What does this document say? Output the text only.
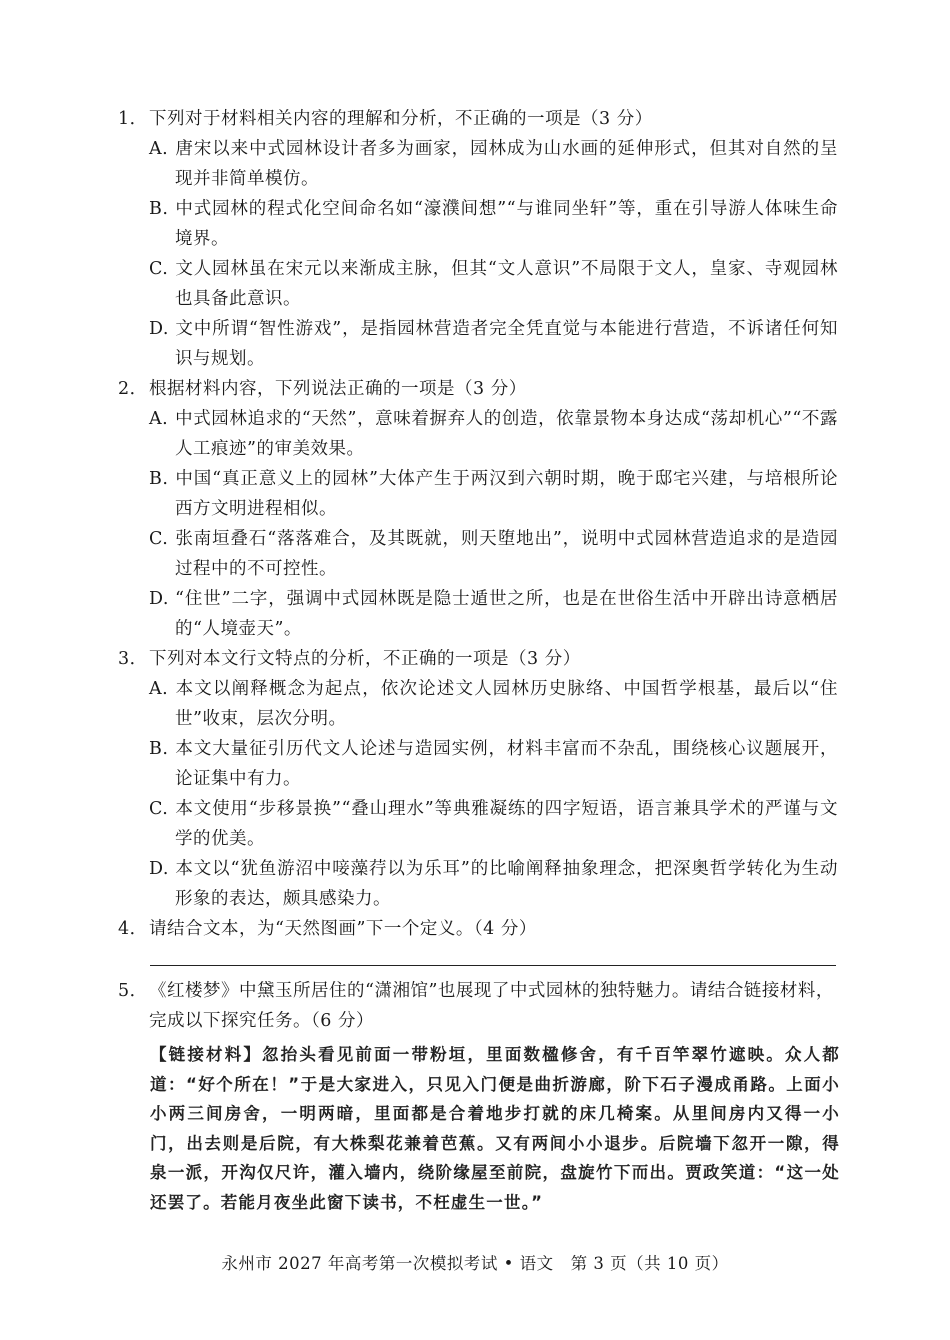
1． 下列对于材料相关内容的理解和分析，不正确的一项是（3 分）
A. 唐宋以来中式园林设计者多为画家，园林成为山水画的延伸形式，但其对自然的呈现并非简单模仿。
B. 中式园林的程式化空间命名如“濠濮间想”“与谁同坐轩”等，重在引导游人体味生命境界。
C. 文人园林虽在宋元以来渐成主脉，但其“文人意识”不局限于文人，皇家、寺观园林也具备此意识。
D. 文中所谓“智性游戏”，是指园林营造者完全凭直觉与本能进行营造，不诉诸任何知识与规划。
2． 根据材料内容，下列说法正确的一项是（3 分）
A. 中式园林追求的“天然”，意味着摒弃人的创造，依靠景物本身达成“荡却机心”“不露人工痕迹”的审美效果。
B. 中国“真正意义上的园林”大体产生于两汉到六朝时期，晚于邸宅兴建，与培根所论西方文明进程相似。
C. 张南垣叠石“落落难合，及其既就，则天堕地出”，说明中式园林营造追求的是造园过程中的不可控性。
D. “住世”二字，强调中式园林既是隐士遁世之所，也是在世俗生活中开辟出诗意栖居的“人境壶天”。
3． 下列对本文行文特点的分析，不正确的一项是（3 分）
A. 本文以阐释概念为起点，依次论述文人园林历史脉络、中国哲学根基，最后以“住世”收束，层次分明。
B. 本文大量征引历代文人论述与造园实例，材料丰富而不杂乱，围绕核心议题展开，论证集中有力。
C. 本文使用“步移景换”“叠山理水”等典雅凝练的四字短语，语言兼具学术的严谨与文学的优美。
D. 本文以“犹鱼游沼中唼藻荇以为乐耳”的比喻阐释抽象理念，把深奥哲学转化为生动形象的表达，颇具感染力。
4． 请结合文本，为“天然图画”下一个定义。（4 分）
5． 《红楼梦》中黛玉所居住的“潇湘馆”也展现了中式园林的独特魅力。请结合链接材料，完成以下探究任务。（6 分）
【链接材料】忽抬头看见前面一带粉垣，里面数楹修舍，有千百竿翠竹遮映。众人都道：“好个所在！”于是大家进入，只见入门便是曲折游廊，阶下石子漫成甬路。上面小小两三间房舍，一明两暗，里面都是合着地步打就的床几椅案。从里间房内又得一小门，出去则是后院，有大株梨花兼着芭蕉。又有两间小小退步。后院墙下忽开一隙，得泉一派，开沟仅尺许，灌入墙内，绕阶缘屋至前院，盘旋竹下而出。贾政笑道：“这一处还罢了。若能月夜坐此窗下读书，不枉虚生一世。”
永州市 2027 年高考第一次模拟考试 • 语文　第 3 页（共 10 页）
